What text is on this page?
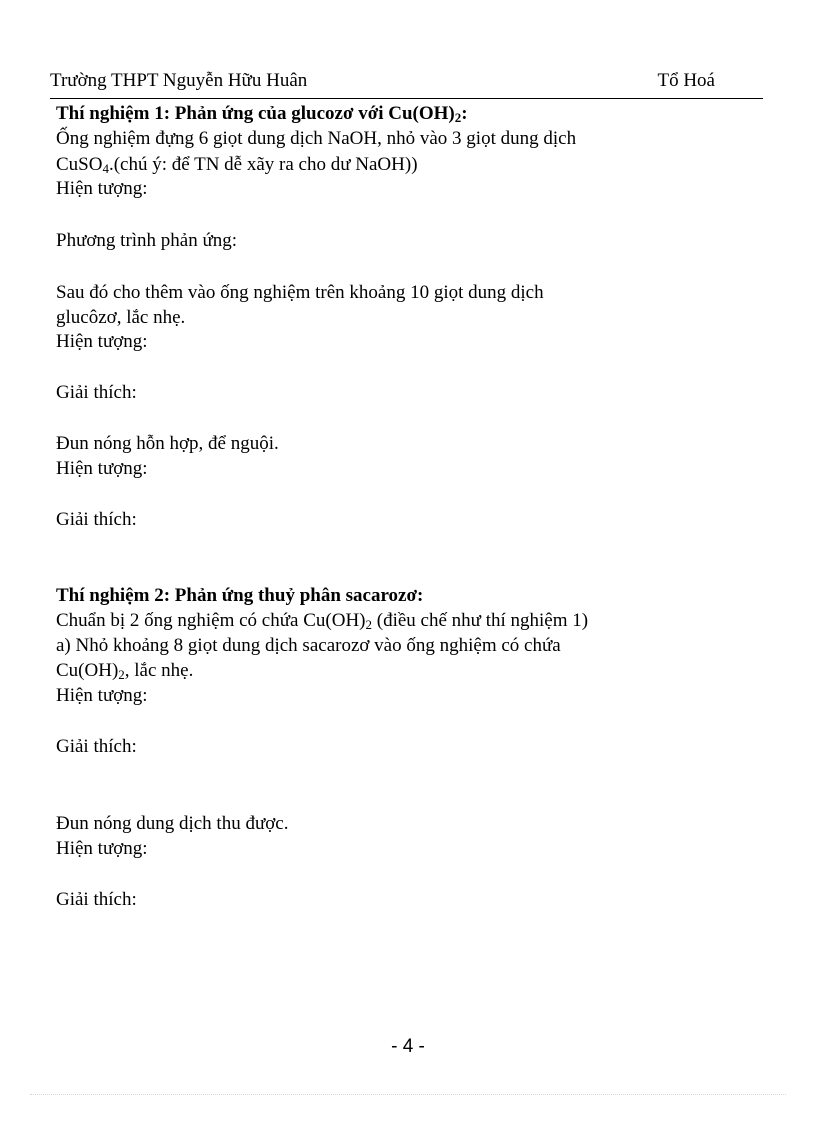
Trường THPT Nguyễn Hữu Huân	Tổ Hoá
Thí nghiệm 1: Phản ứng của glucozơ với $Cu(OH)_2$:
Ống nghiệm đựng 6 giọt dung dịch NaOH, nhỏ vào 3 giọt dung dịch
CuSO$_4$.(chú ý: để TN dễ xãy ra cho dư NaOH))
Hiện tượng:
Phương trình phản ứng:
Sau đó cho thêm vào ống nghiệm trên khoảng 10 giọt dung dịch
glucôzơ, lắc nhẹ.
Hiện tượng:
Giải thích:
Đun nóng hỗn hợp, để nguội.
Hiện tượng:
Giải thích:
Thí nghiệm 2: Phản ứng thuỷ phân sacarozơ:
Chuẩn bị 2 ống nghiệm có chứa $Cu(OH)_2$ (điều chế như thí nghiệm 1)
a) Nhỏ khoảng 8 giọt dung dịch sacarozơ vào ống nghiệm có chứa
$Cu(OH)_2$, lắc nhẹ.
Hiện tượng:
Giải thích:
Đun nóng dung dịch thu được.
Hiện tượng:
Giải thích:
- 4 -
